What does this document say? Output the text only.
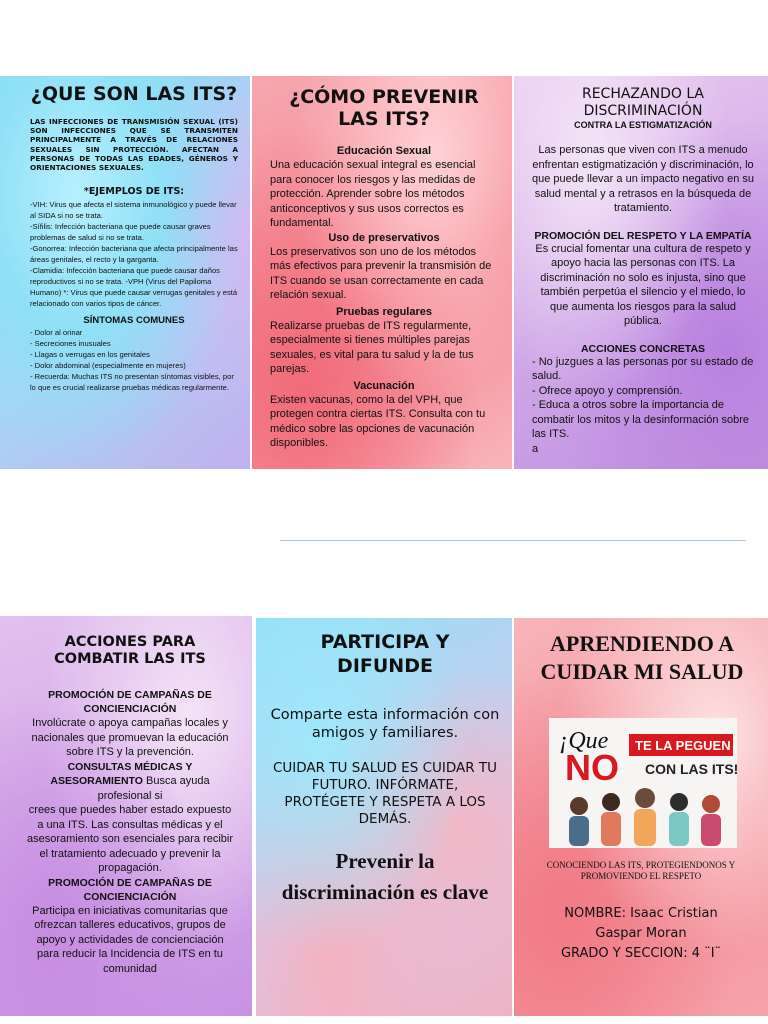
¿QUE SON LAS ITS?

LAS INFECCIONES DE TRANSMISIÓN SEXUAL (ITS) SON INFECCIONES QUE SE TRANSMITEN PRINCIPALMENTE A TRAVÉS DE RELACIONES SEXUALES SIN PROTECCIÓN. AFECTAN A PERSONAS DE TODAS LAS EDADES, GÉNEROS Y ORIENTACIONES SEXUALES.

*EJEMPLOS DE ITS:
-VIH: Virus que afecta el sistema inmunológico y puede llevar al SIDA si no se trata.
-Sífilis: Infección bacteriana que puede causar graves problemas de salud si no se trata.
-Gonorrea: Infección bacteriana que afecta principalmente las áreas genitales, el recto y la garganta.
-Clamidia: Infección bacteriana que puede causar daños reproductivos si no se trata. -VPH (Virus del Papiloma Humano) *: Virus que puede causar verrugas genitales y está relacionado con varios tipos de cáncer.
SÍNTOMAS COMUNES
- Dolor al orinar
- Secreciones inusuales
- Llagas o verrugas en los genitales
- Dolor abdominal (especialmente en mujeres)
- Recuerda: Muchas ITS no presentan síntomas visibles, por lo que es crucial realizarse pruebas médicas regularmente.
¿CÓMO PREVENIR LAS ITS?
Educación Sexual
Una educación sexual integral es esencial para conocer los riesgos y las medidas de protección. Aprender sobre los métodos anticonceptivos y sus usos correctos es fundamental.
Uso de preservativos
Los preservativos son uno de los métodos más efectivos para prevenir la transmisión de ITS cuando se usan correctamente en cada relación sexual.
Pruebas regulares
Realizarse pruebas de ITS regularmente, especialmente si tienes múltiples parejas sexuales, es vital para tu salud y la de tus parejas.
Vacunación
Existen vacunas, como la del VPH, que protegen contra ciertas ITS. Consulta con tu médico sobre las opciones de vacunación disponibles.
RECHAZANDO LA DISCRIMINACIÓN
CONTRA LA ESTIGMATIZACIÓN
Las personas que viven con ITS a menudo enfrentan estigmatización y discriminación, lo que puede llevar a un impacto negativo en su salud mental y a retrasos en la búsqueda de tratamiento.
PROMOCIÓN DEL RESPETO Y LA EMPATÍA
Es crucial fomentar una cultura de respeto y apoyo hacia las personas con ITS. La discriminación no solo es injusta, sino que también perpetúa el silencio y el miedo, lo que aumenta los riesgos para la salud pública.
ACCIONES CONCRETAS
- No juzgues a las personas por su estado de salud.
- Ofrece apoyo y comprensión.
- Educa a otros sobre la importancia de combatir los mitos y la desinformación sobre las ITS.
a
ACCIONES PARA COMBATIR LAS ITS
PROMOCIÓN DE CAMPAÑAS DE CONCIENCIACIÓN
Involúcrate o apoya campañas locales y nacionales que promuevan la educación sobre ITS y la prevención.
CONSULTAS MÉDICAS Y ASESORAMIENTO Busca ayuda profesional si
crees que puedes haber estado expuesto a una ITS. Las consultas médicas y el asesoramiento son esenciales para recibir el tratamiento adecuado y prevenir la propagación.
PROMOCIÓN DE CAMPAÑAS DE CONCIENCIACIÓN
Participa en iniciativas comunitarias que ofrezcan talleres educativos, grupos de apoyo y actividades de concienciación para reducir la Incidencia de ITS en tu comunidad
PARTICIPA Y DIFUNDE
Comparte esta información con amigos y familiares.
CUIDAR TU SALUD ES CUIDAR TU FUTURO. INFÓRMATE, PROTÉGETE Y RESPETA A LOS DEMÁS.
Prevenir la discriminación es clave
APRENDIENDO A CUIDAR MI SALUD
¡Que
NO
TE LA PEGUEN
CON LAS ITS!
CONOCIENDO LAS ITS, PROTEGIENDONOS Y PROMOVIENDO EL RESPETO
NOMBRE: Isaac Cristian Gaspar Moran
GRADO Y SECCION: 4 ¨I¨
